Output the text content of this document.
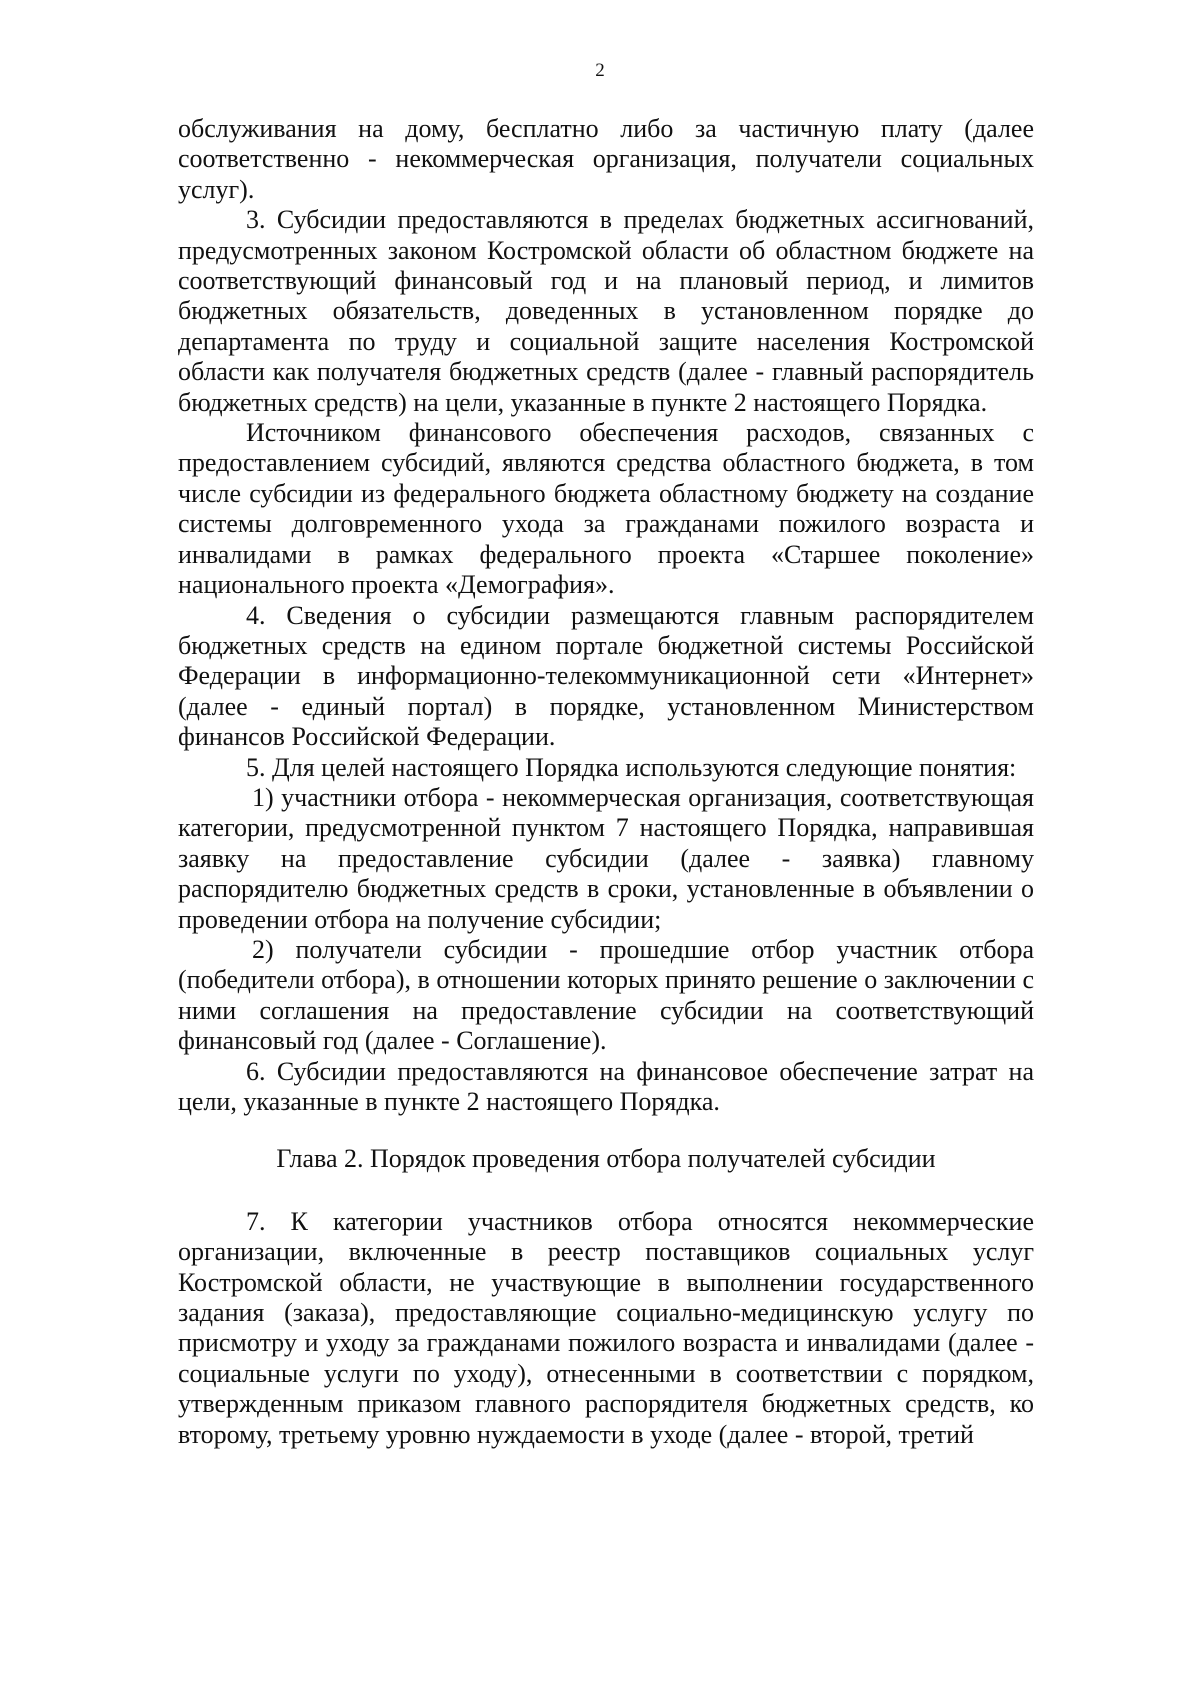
2

обслуживания на дому, бесплатно либо за частичную плату (далее соответственно - некоммерческая организация, получатели социальных услуг).

3. Субсидии предоставляются в пределах бюджетных ассигнований, предусмотренных законом Костромской области об областном бюджете на соответствующий финансовый год и на плановый период, и лимитов бюджетных обязательств, доведенных в установленном порядке до департамента по труду и социальной защите населения Костромской области как получателя бюджетных средств (далее - главный распорядитель бюджетных средств) на цели, указанные в пункте 2 настоящего Порядка.

Источником финансового обеспечения расходов, связанных с предоставлением субсидий, являются средства областного бюджета, в том числе субсидии из федерального бюджета областному бюджету на создание системы долговременного ухода за гражданами пожилого возраста и инвалидами в рамках федерального проекта «Старшее поколение» национального проекта «Демография».

4. Сведения о субсидии размещаются главным распорядителем бюджетных средств на едином портале бюджетной системы Российской Федерации в информационно-телекоммуникационной сети «Интернет» (далее - единый портал) в порядке, установленном Министерством финансов Российской Федерации.

5. Для целей настоящего Порядка используются следующие понятия:

1) участники отбора - некоммерческая организация, соответствующая категории, предусмотренной пунктом 7 настоящего Порядка, направившая заявку на предоставление субсидии (далее - заявка) главному распорядителю бюджетных средств в сроки, установленные в объявлении о проведении отбора на получение субсидии;

2) получатели субсидии - прошедшие отбор участник отбора (победители отбора), в отношении которых принято решение о заключении с ними соглашения на предоставление субсидии на соответствующий финансовый год (далее - Соглашение).

6. Субсидии предоставляются на финансовое обеспечение затрат на цели, указанные в пункте 2 настоящего Порядка.

Глава 2. Порядок проведения отбора получателей субсидии

7. К категории участников отбора относятся некоммерческие организации, включенные в реестр поставщиков социальных услуг Костромской области, не участвующие в выполнении государственного задания (заказа), предоставляющие социально-медицинскую услугу по присмотру и уходу за гражданами пожилого возраста и инвалидами (далее - социальные услуги по уходу), отнесенными в соответствии с порядком, утвержденным приказом главного распорядителя бюджетных средств, ко второму, третьему уровню нуждаемости в уходе (далее - второй, третий
